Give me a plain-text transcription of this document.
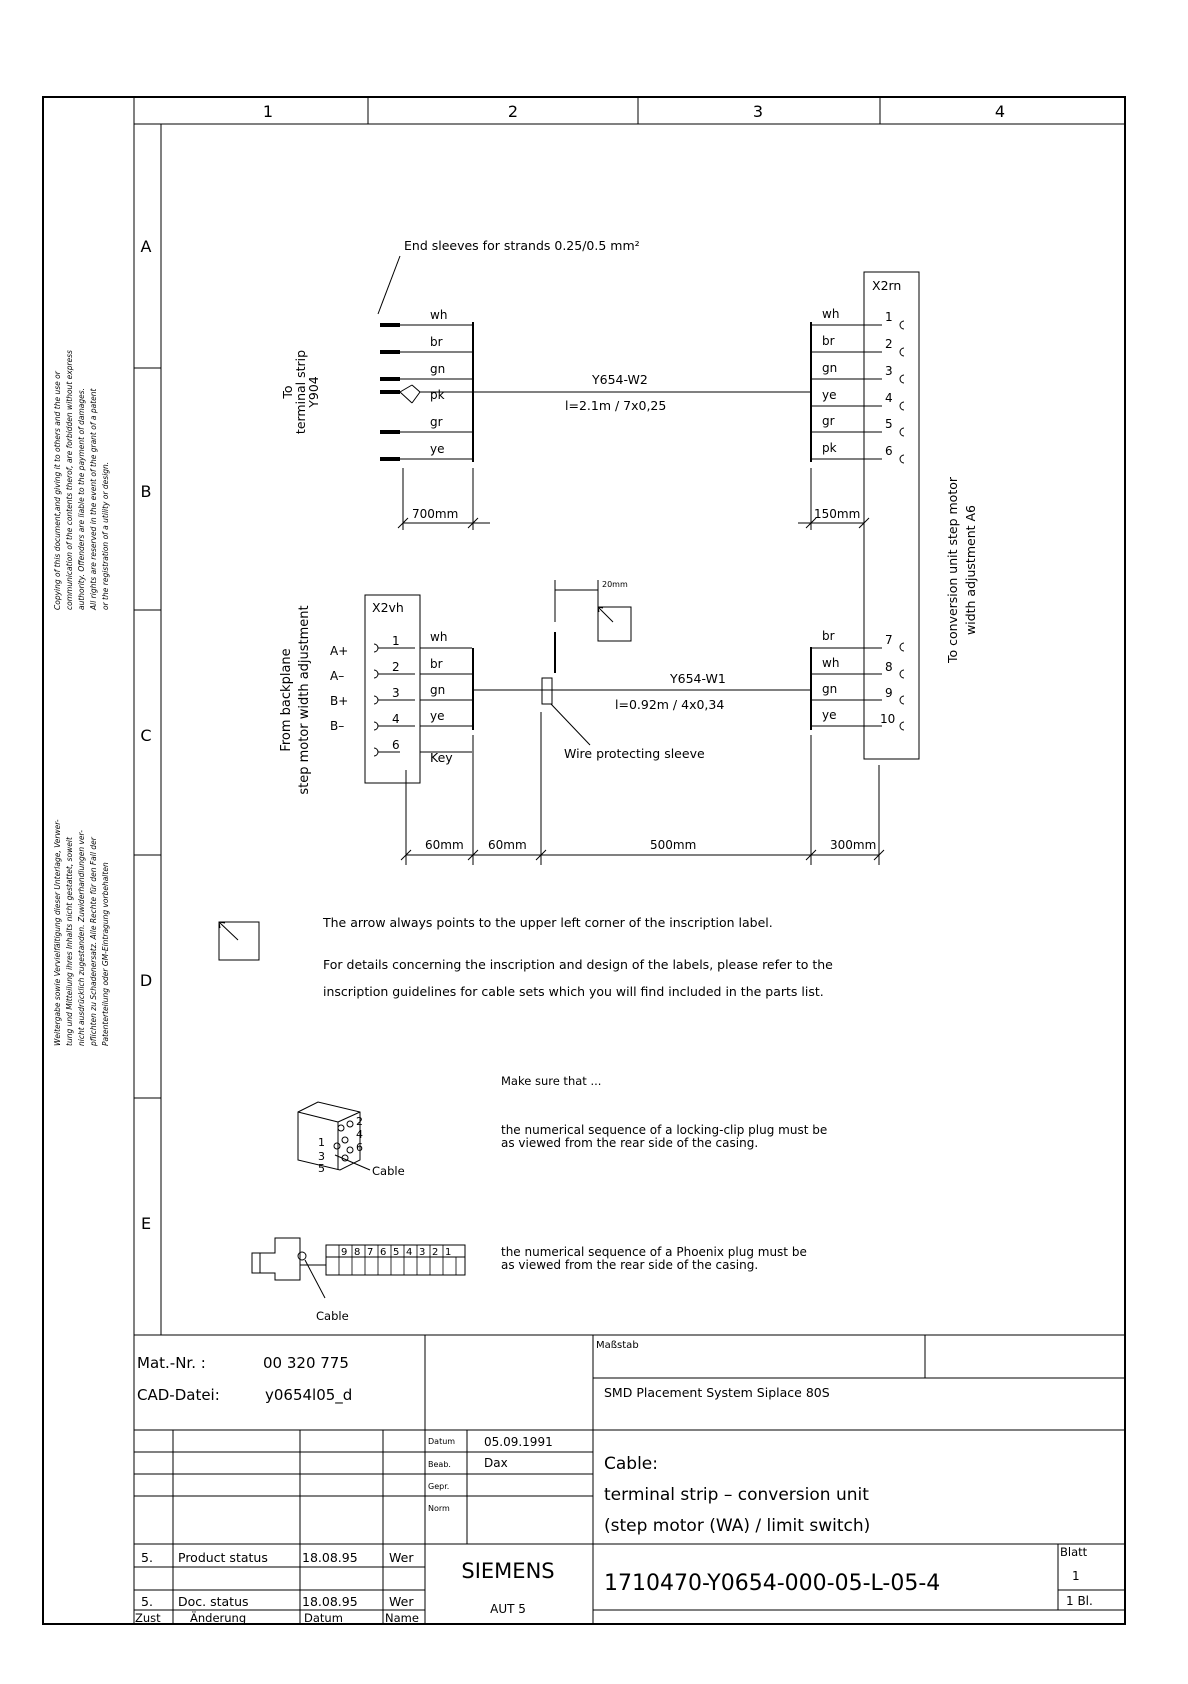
1	2	3	4
A
B
C
D
E
Copying of this document,and giving it to others and the use or communication of the contents therof, are forbidden without express authority. Offenders are liable to the payment of damages. All rights are reserved in the event of the grant of a patent or the registration of a utility or design.
Weitergabe sowie Vervielfältigung dieser Unterlage, Verwer- tung und Mitteilung ihres Inhalts nicht gestattet, soweit nicht ausdrücklich zugestanden. Zuwiderhandlungen ver- pflichten zu Schadenersatz. Alle Rechte für den Fall der Patenterteilung oder GM-Eintragung vorbehalten
End sleeves for strands 0.25/0.5 mm²
To
terminal strip
Y904
wh
br
gn
pk
gr
ye
Y654-W2
l=2.1m / 7x0,25
wh
br
gn
ye
gr
pk
X2rn
1
2
3
4
5
6
7
8
9
10
To conversion unit step motor width adjustment A6
700mm	150mm
From backplane step motor width adjustment A+
A–
B+
B–
X2vh
1
2
3
4
6
Key
wh
br
gn
ye
Y654-W1
l=0.92m / 4x0,34
20mm
Wire protecting sleeve
br
wh
gn
ye
60mm 60mm	500mm	300mm
The arrow always points to the upper left corner of the inscription label.
For details concerning the inscription and design of the labels, please refer to the
inscription guidelines for cable sets which you will find included in the parts list.
Make sure that ...
2
4
6
1
3
5	Cable
the numerical sequence of a locking-clip plug must be
as viewed from the rear side of the casing.
9 8 7 6 5 4 3 2 1
Cable
the numerical sequence of a Phoenix plug must be
as viewed from the rear side of the casing.
Mat.-Nr. :	00 320 775
CAD-Datei:	y0654l05_d
Maßstab
SMD Placement System Siplace 80S
Datum 05.09.1991
Beab.	Dax
Gepr.
Norm
Cable:
terminal strip – conversion unit
(step motor (WA) / limit switch)
5. Product status	18.08.95	Wer
5. Doc. status	18.08.95	Wer
Zust	Änderung	Datum	Name
SIEMENS
AUT 5
1710470-Y0654-000-05-L-05-4
Blatt
1
1 Bl.
